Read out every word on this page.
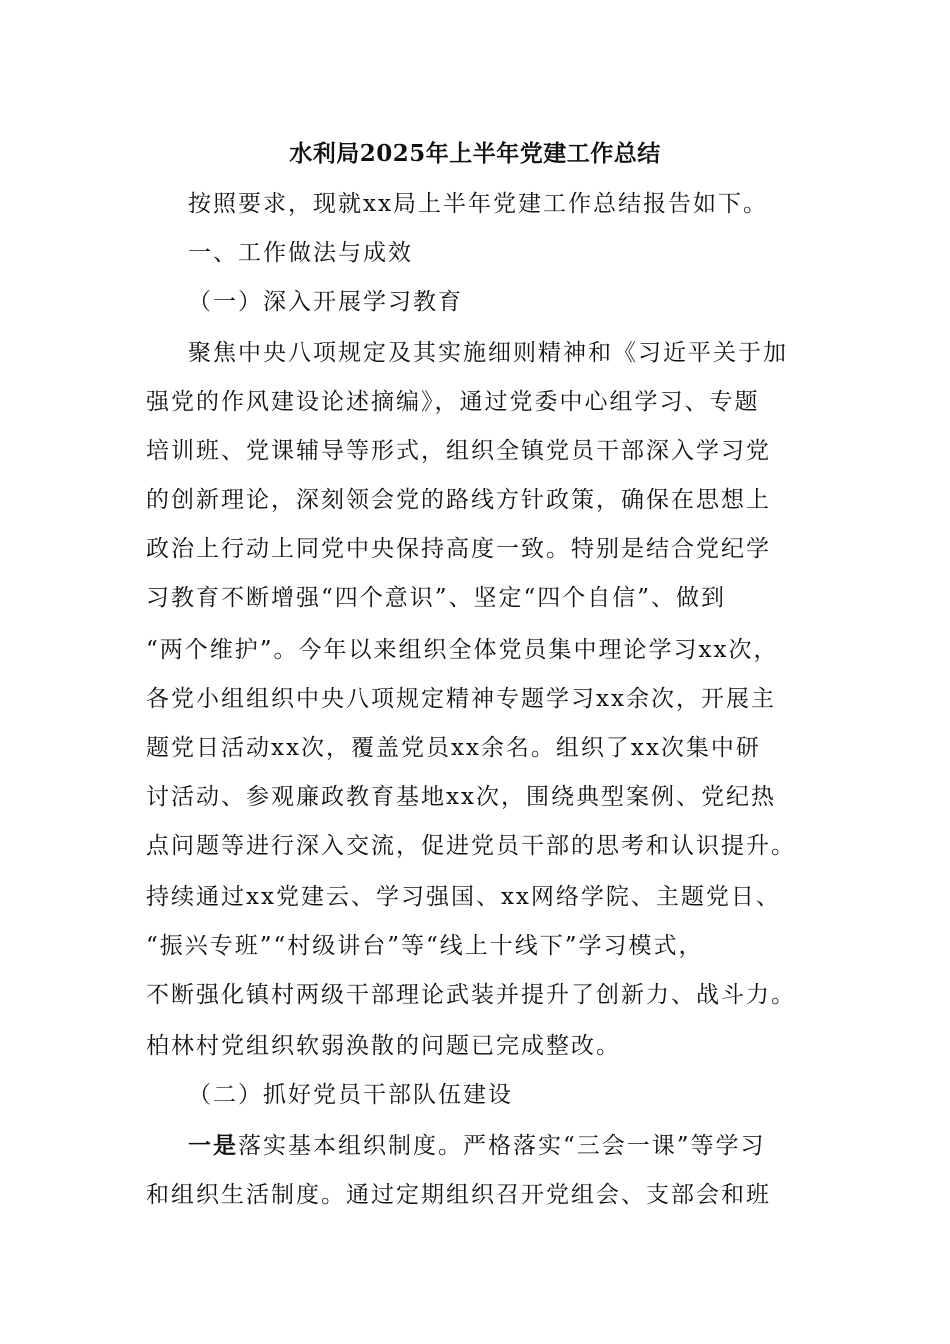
水利局2025年上半年党建工作总结
按照要求，现就xx局上半年党建工作总结报告如下。
一、工作做法与成效
（一）深入开展学习教育
聚焦中央八项规定及其实施细则精神和《习近平关于加
强党的作风建设论述摘编》，通过党委中心组学习、专题
培训班、党课辅导等形式，组织全镇党员干部深入学习党
的创新理论，深刻领会党的路线方针政策，确保在思想上
政治上行动上同党中央保持高度一致。特别是结合党纪学
习教育不断增强“四个意识”、坚定“四个自信”、做到
“两个维护”。今年以来组织全体党员集中理论学习xx次，
各党小组组织中央八项规定精神专题学习xx余次，开展主
题党日活动xx次，覆盖党员xx余名。组织了xx次集中研
讨活动、参观廉政教育基地xx次，围绕典型案例、党纪热
点问题等进行深入交流，促进党员干部的思考和认识提升。
持续通过xx党建云、学习强国、xx网络学院、主题党日、
“振兴专班”“村级讲台”等“线上十线下”学习模式，
不断强化镇村两级干部理论武装并提升了创新力、战斗力。
柏林村党组织软弱涣散的问题已完成整改。
（二）抓好党员干部队伍建设
一是落实基本组织制度。严格落实“三会一课”等学习
和组织生活制度。通过定期组织召开党组会、支部会和班
